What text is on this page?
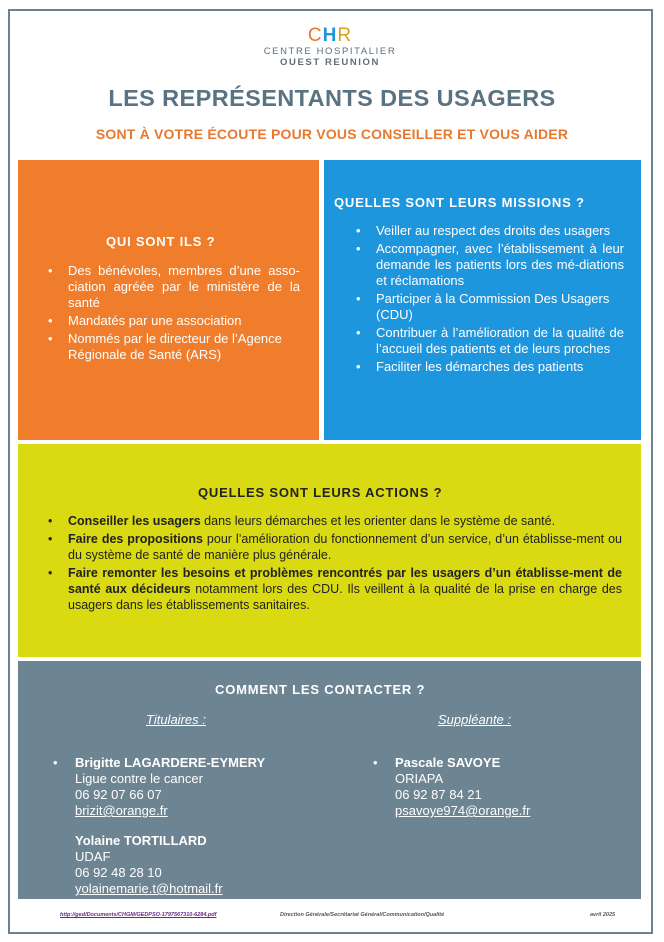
CHR
CENTRE HOSPITALIER
OUEST REUNION
LES REPRÉSENTANTS DES USAGERS
SONT À VOTRE ÉCOUTE POUR VOUS CONSEILLER ET VOUS AIDER
QUI SONT ILS ?
• Des bénévoles, membres d’une asso-ciation agréée par le ministère de la santé
• Mandatés par une association
• Nommés par le directeur de l’Agence Régionale de Santé (ARS)
QUELLES SONT LEURS MISSIONS ?
• Veiller au respect des droits des usagers
• Accompagner, avec l’établissement à leur demande les patients lors des mé-diations et réclamations
• Participer à la Commission Des Usagers (CDU)
• Contribuer à l’amélioration de la qualité de l’accueil des patients et de leurs proches
• Faciliter les démarches des patients
QUELLES SONT LEURS ACTIONS ?
• Conseiller les usagers dans leurs démarches et les orienter dans le système de santé.
• Faire des propositions pour l’amélioration du fonctionnement d’un service, d’un établisse-ment ou du système de santé de manière plus générale.
• Faire remonter les besoins et problèmes rencontrés par les usagers d’un établisse-ment de santé aux décideurs notamment lors des CDU. Ils veillent à la qualité de la prise en charge des usagers dans les établissements sanitaires.
COMMENT LES CONTACTER ?
Titulaires :	Suppléante :
• Brigitte LAGARDERE-EYMERY
Ligue contre le cancer
06 92 07 66 07
brizit@orange.fr
Yolaine TORTILLARD
UDAF
06 92 48 28 10
yolainemarie.t@hotmail.fr
• Pascale SAVOYE
ORIAPA
06 92 87 84 21
psavoye974@orange.fr
http://ged/Documents/CHGM/GEDPSO-1797567310-6284.pdf	Direction Générale/Secrétariat Général/Communication/Qualité	avril 2025
